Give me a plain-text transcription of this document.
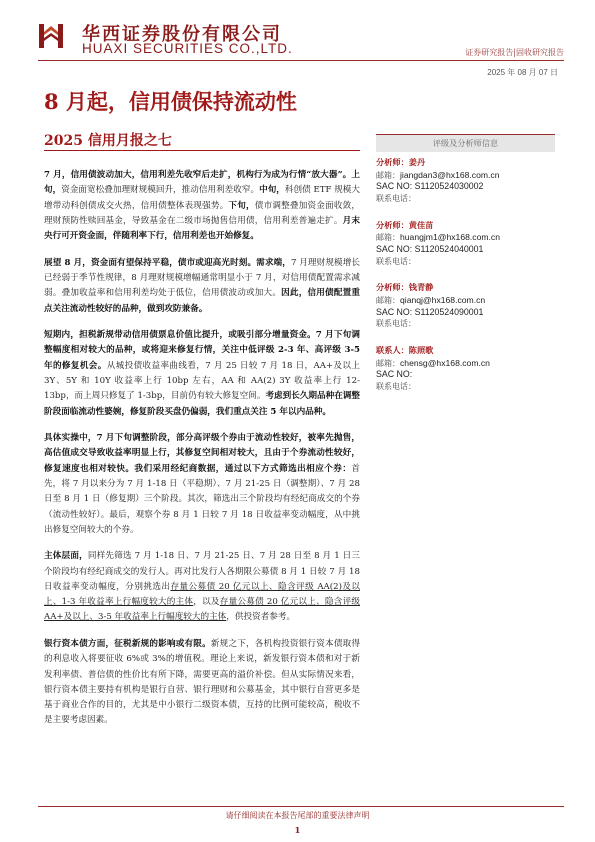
华西证券股份有限公司
HUAXI SECURITIES CO.,LTD.	证券研究报告|固收研究报告
2025 年 08 月 07 日
8 月起，信用债保持流动性
2025 信用月报之七

7 月，信用债波动加大，信用利差先收窄后走扩，机构行为成为行情“放大器”。上旬，资金面宽松叠加理财规模回升，推动信用利差收窄。中旬，科创债 ETF 规模大增带动科创债成交火热，信用债整体表现强势。下旬，债市调整叠加资金面收敛，理财预防性赎回基金，导致基金在二级市场抛售信用债，信用利差普遍走扩。月末央行可开资金面，伴随利率下行，信用利差也开始修复。

展望 8 月，资金面有望保持平稳，债市或迎高光时刻。需求端，7 月理财规模增长已经弱于季节性规律，8 月理财规模增幅通常明显小于 7 月，对信用债配置需求减弱。叠加收益率和信用利差均处于低位，信用债波动或加大。因此，信用债配置重点关注流动性较好的品种，做到攻防兼备。

短期内，担税新规带动信用债票息价值比提升，或吸引部分增量资金。7 月下旬调整幅度相对较大的品种，或将迎来修复行情，关注中低评级 2-3 年、高评级 3-5 年的修复机会。从城投债收益率曲线看，7 月 25 日较 7 月 18 日，AA+及以上 3Y、5Y 和 10Y 收益率上行 10bp 左右，AA 和 AA(2) 3Y 收益率上行 12-13bp，而上周只修复了 1-3bp，目前仍有较大修复空间。考虑到长久期品种在调整阶段面临流动性婆婉，修复阶段买盘仍偏弱，我们重点关注 5 年以内品种。

具体实操中，7 月下旬调整阶段，部分高评级个券由于流动性较好，被率先抛售，高估值成交导致收益率明显上行，其修复空间相对较大，且由于个券流动性较好，修复速度也相对较快。我们采用经纪商数据，通过以下方式筛选出相应个券：首先，将 7 月以来分为 7 月 1-18 日（平稳期）、7 月 21-25 日（调整期）、7 月 28 日至 8 月 1 日（修复期）三个阶段。其次，筛选出三个阶段均有经纪商成交的个券（流动性较好）。最后，观察个券 8 月 1 日较 7 月 18 日收益率变动幅度，从中挑出修复空间较大的个券。

主体层面，同样先筛选 7 月 1-18 日、7 月 21-25 日、7 月 28 日至 8 月 1 日三个阶段均有经纪商成交的发行人。再对比发行人各期限公募债 8 月 1 日较 7 月 18 日收益率变动幅度，分别挑选出存量公募债 20 亿元以上、隐含评级 AA(2)及以上、1-3 年收益率上行幅度较大的主体，以及存量公募债 20 亿元以上、隐含评级 AA+及以上、3-5 年收益率上行幅度较大的主体，供投资者参考。

银行资本债方面，征税新规的影响或有限。新规之下，各机构投资银行资本债取得的利息收入将要征收 6%或 3%的增值税。理论上来说，新发银行资本债和对于新发利率债、普信债的性价比有所下降，需要更高的溢价补偿。但从实际情况来看，银行资本债主要持有机构是银行自营、银行理财和公募基金，其中银行自营更多是基于商业合作的目的，尤其是中小银行二级资本债，互持的比例可能较高，税收不是主要考虑因素。

评级及分析师信息
分析师：姜丹
邮箱：jiangdan3@hx168.com.cn
SAC NO: S1120524030002
联系电话：
分析师：黄佳苗
邮箱：huangjm1@hx168.com.cn
SAC NO: S1120524040001
联系电话：
分析师：钱青静
邮箱：qianqj@hx168.com.cn
SAC NO: S1120524090001
联系电话：
联系人：陈照歌
邮箱：chensg@hx168.com.cn
SAC NO:
联系电话：
请仔细阅读在本报告尾部的重要法律声明
1
